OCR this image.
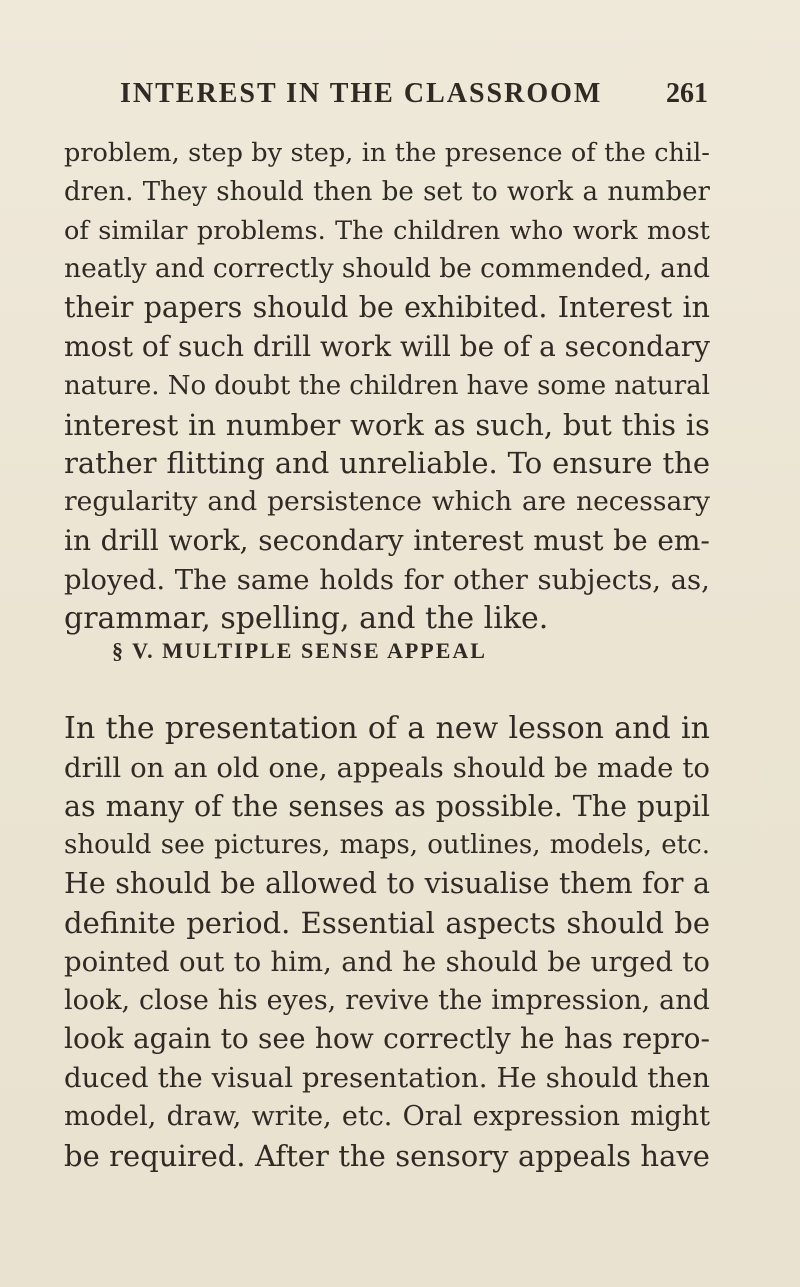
INTEREST IN THE CLASSROOM 261
problem, step by step, in the presence of the chil-
dren. They should then be set to work a number
of similar problems. The children who work most
neatly and correctly should be commended, and
their papers should be exhibited. Interest in
most of such drill work will be of a secondary
nature. No doubt the children have some natural
interest in number work as such, but this is
rather flitting and unreliable. To ensure the
regularity and persistence which are necessary
in drill work, secondary interest must be em-
ployed. The same holds for other subjects, as,
grammar, spelling, and the like.
§ V. MULTIPLE SENSE APPEAL
In the presentation of a new lesson and in
drill on an old one, appeals should be made to
as many of the senses as possible. The pupil
should see pictures, maps, outlines, models, etc.
He should be allowed to visualise them for a
definite period. Essential aspects should be
pointed out to him, and he should be urged to
look, close his eyes, revive the impression, and
look again to see how correctly he has repro-
duced the visual presentation. He should then
model, draw, write, etc. Oral expression might
be required. After the sensory appeals have
